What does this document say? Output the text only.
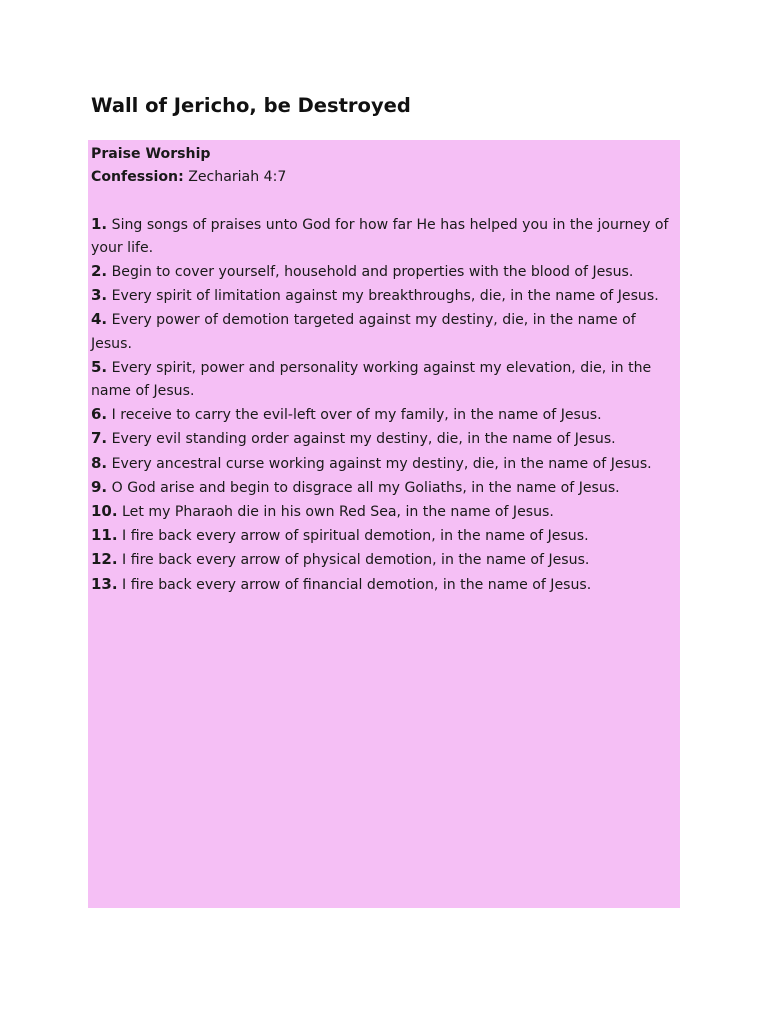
Wall of Jericho, be Destroyed

Praise Worship

Confession: Zechariah 4:7

1. Sing songs of praises unto God for how far He has helped you in the journey of your life.

2. Begin to cover yourself, household and properties with the blood of Jesus.

3. Every spirit of limitation against my breakthroughs, die, in the name of Jesus.

4. Every power of demotion targeted against my destiny, die, in the name of Jesus.

5. Every spirit, power and personality working against my elevation, die, in the name of Jesus.

6. I receive to carry the evil-left over of my family, in the name of Jesus.

7. Every evil standing order against my destiny, die, in the name of Jesus.

8. Every ancestral curse working against my destiny, die, in the name of Jesus.

9. O God arise and begin to disgrace all my Goliaths, in the name of Jesus.

10. Let my Pharaoh die in his own Red Sea, in the name of Jesus.

11. I fire back every arrow of spiritual demotion, in the name of Jesus.

12. I fire back every arrow of physical demotion, in the name of Jesus.

13. I fire back every arrow of financial demotion, in the name of Jesus.
